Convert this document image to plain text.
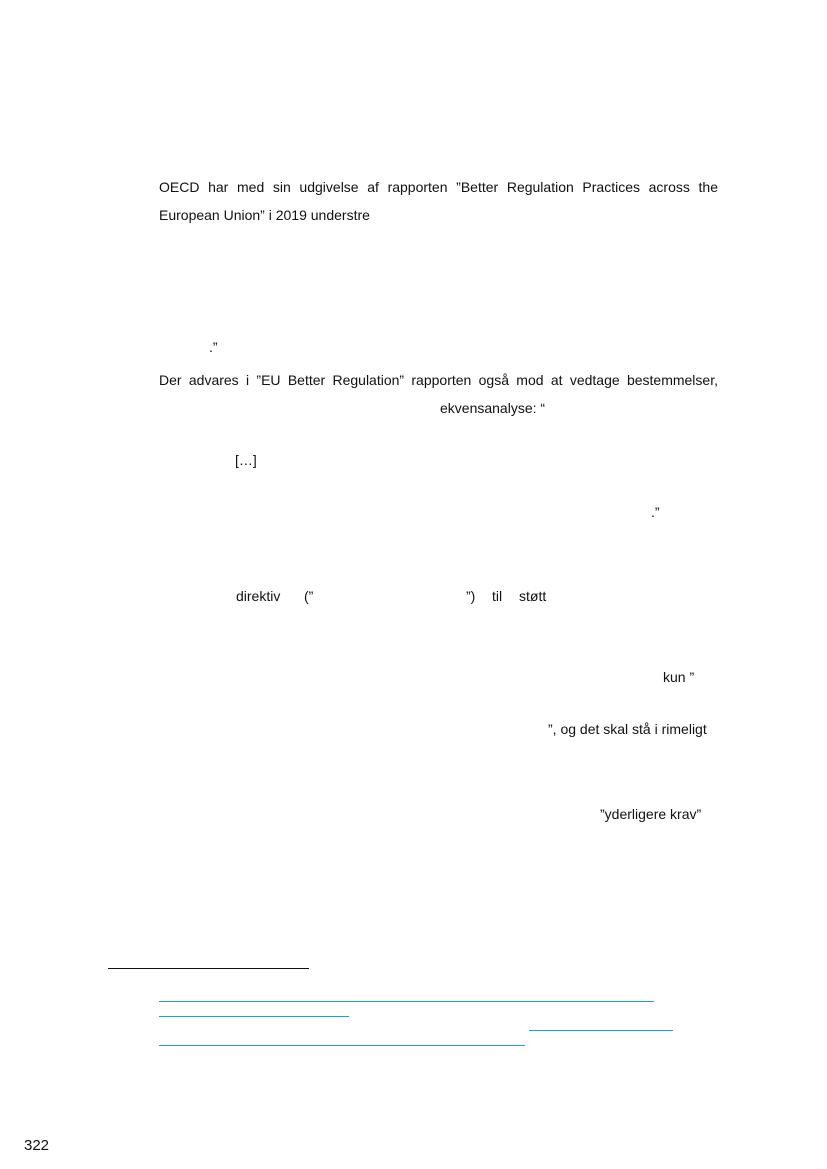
OECD har med sin udgivelse af rapporten ”Better Regulation Practices across the
European Union” i 2019 understre
.”
Der advares i ”EU Better Regulation” rapporten også mod at vedtage bestemmelser,
ekvensanalyse: “
[…]
.”
direktiv (”	”) til støtt
kun ”
”, og det skal stå i rimeligt
”yderligere krav”
322
